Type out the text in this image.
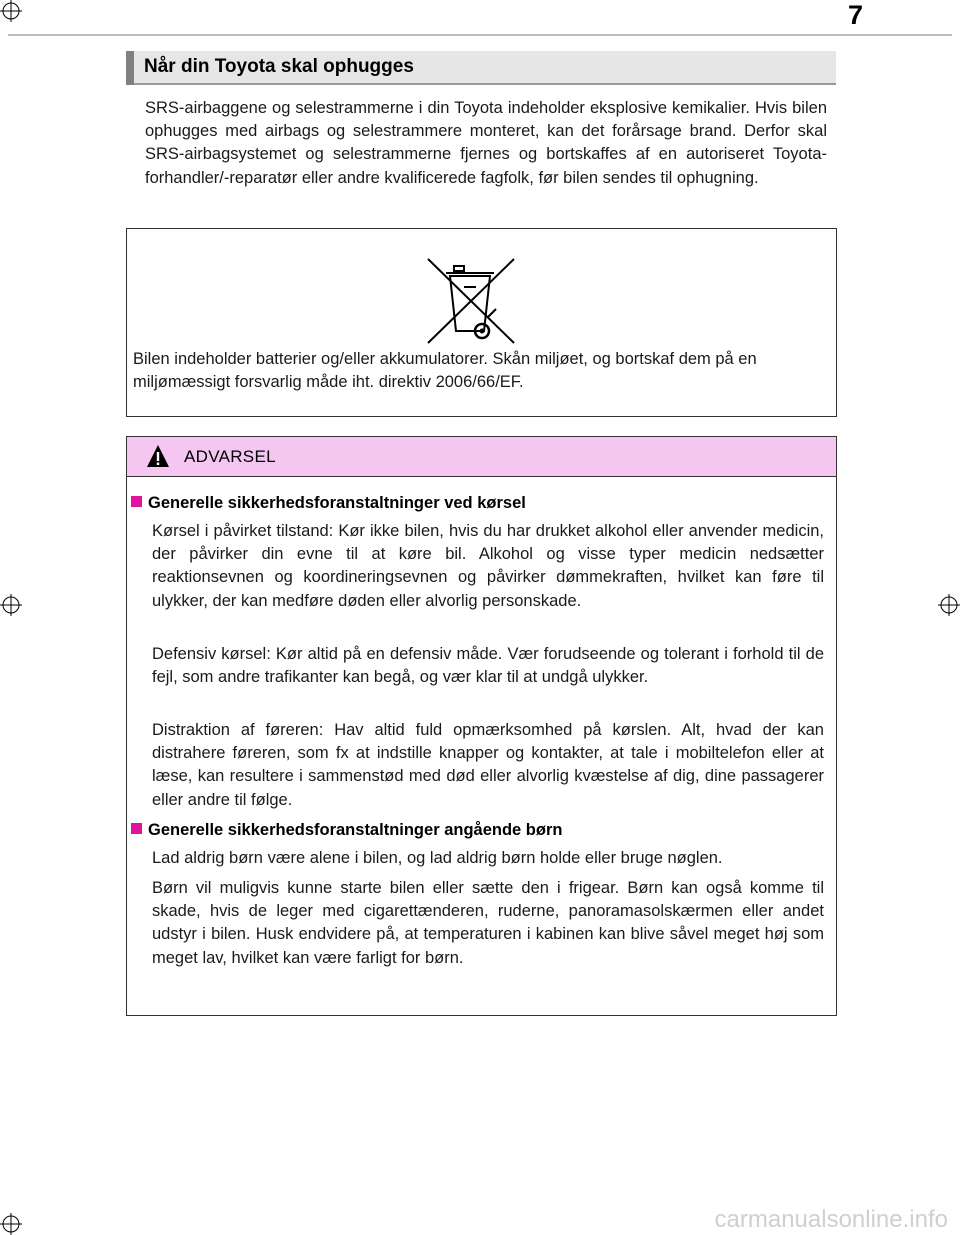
7
Når din Toyota skal ophugges

SRS-airbaggene og selestrammerne i din Toyota indeholder eksplosive kemikalier. Hvis bilen ophugges med airbags og selestrammere monteret, kan det forårsage brand. Derfor skal SRS-airbagsystemet og selestrammerne fjernes og bortskaffes af en autoriseret Toyota-forhandler/-reparatør eller andre kvalificerede fagfolk, før bilen sendes til ophugning.

Bilen indeholder batterier og/eller akkumulatorer. Skån miljøet, og bortskaf dem på en miljømæssigt forsvarlig måde iht. direktiv 2006/66/EF.

ADVARSEL
Generelle sikkerhedsforanstaltninger ved kørsel

Kørsel i påvirket tilstand: Kør ikke bilen, hvis du har drukket alkohol eller anvender medicin, der påvirker din evne til at køre bil. Alkohol og visse typer medicin nedsætter reaktionsevnen og koordineringsevnen og påvirker dømmekraften, hvilket kan føre til ulykker, der kan medføre døden eller alvorlig personskade.

Defensiv kørsel: Kør altid på en defensiv måde. Vær forudseende og tolerant i forhold til de fejl, som andre trafikanter kan begå, og vær klar til at undgå ulykker.

Distraktion af føreren: Hav altid fuld opmærksomhed på kørslen. Alt, hvad der kan distrahere føreren, som fx at indstille knapper og kontakter, at tale i mobiltelefon eller at læse, kan resultere i sammenstød med død eller alvorlig kvæstelse af dig, dine passagerer eller andre til følge.

Generelle sikkerhedsforanstaltninger angående børn

Lad aldrig børn være alene i bilen, og lad aldrig børn holde eller bruge nøglen.

Børn vil muligvis kunne starte bilen eller sætte den i frigear. Børn kan også komme til skade, hvis de leger med cigarettænderen, ruderne, panoramasolskærmen eller andet udstyr i bilen. Husk endvidere på, at temperaturen i kabinen kan blive såvel meget høj som meget lav, hvilket kan være farligt for børn.

carmanualsonline.info
